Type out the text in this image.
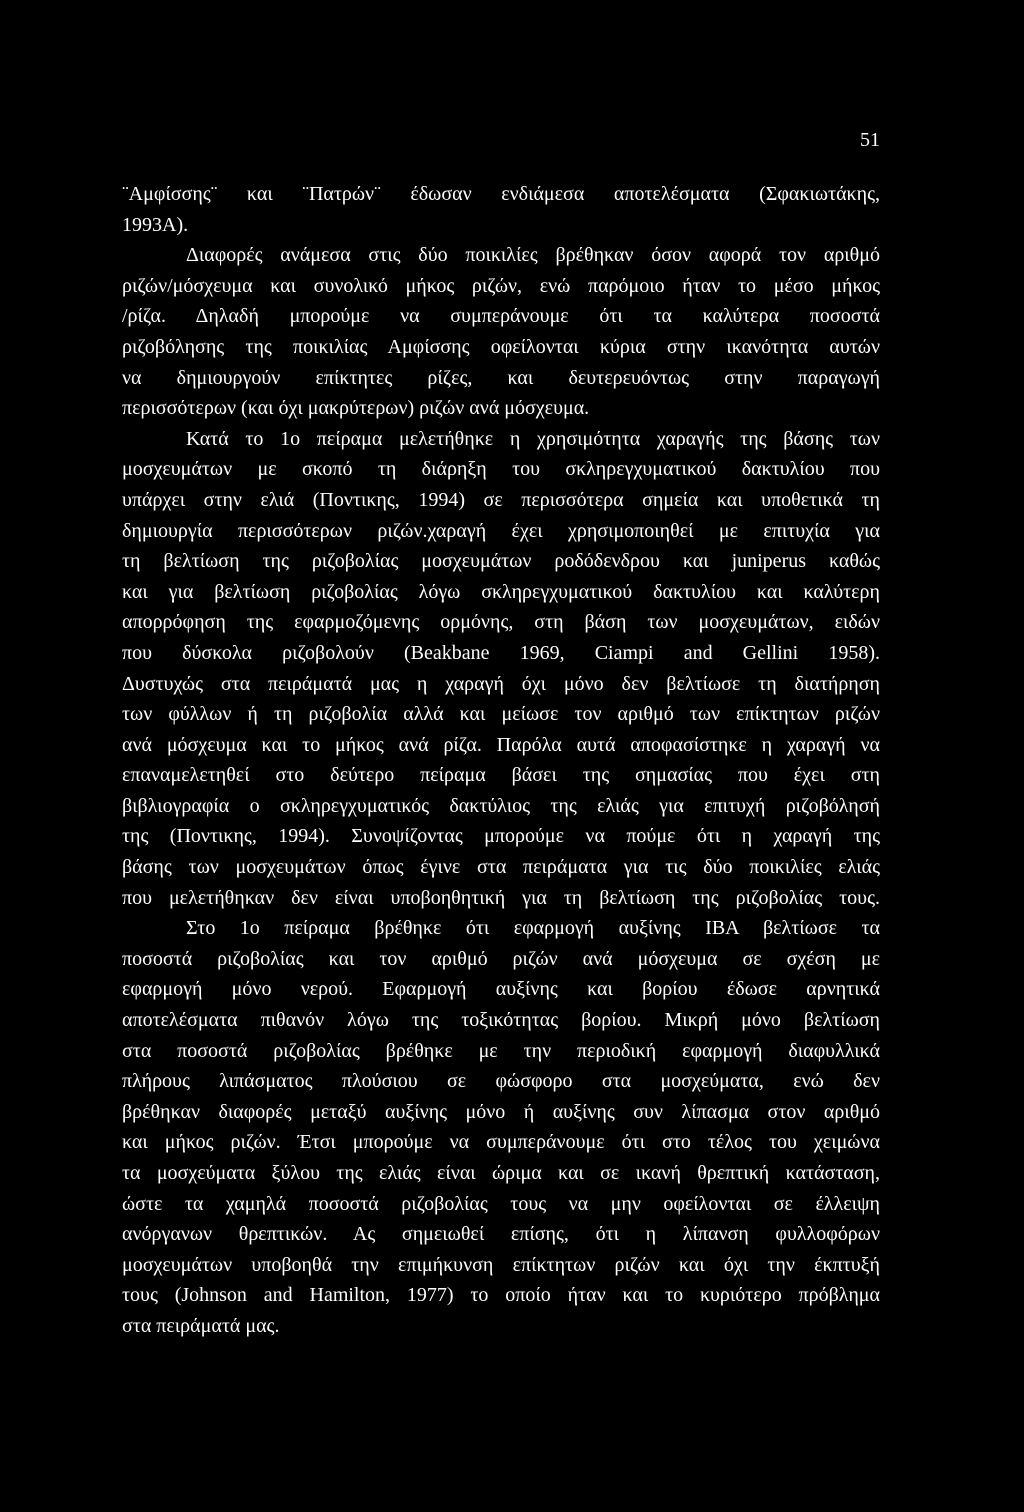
51
¨Αμφίσσης¨ και ¨Πατρών¨ έδωσαν ενδιάμεσα αποτελέσματα (Σφακιωτάκης,
1993Α).
Διαφορές ανάμεσα στις δύο ποικιλίες βρέθηκαν όσον αφορά τον αριθμό
ριζών/μόσχευμα και συνολικό μήκος ριζών, ενώ παρόμοιο ήταν το μέσο μήκος
/ρίζα. Δηλαδή μπορούμε να συμπεράνουμε ότι τα καλύτερα ποσοστά
ριζοβόλησης της ποικιλίας Αμφίσσης οφείλονται κύρια στην ικανότητα αυτών
να δημιουργούν επίκτητες ρίζες, και δευτερευόντως στην παραγωγή
περισσότερων (και όχι μακρύτερων) ριζών ανά μόσχευμα.
Κατά το 1ο πείραμα μελετήθηκε η χρησιμότητα χαραγής της βάσης των
μοσχευμάτων με σκοπό τη διάρηξη του σκληρεγχυματικού δακτυλίου που
υπάρχει στην ελιά (Ποντικης, 1994) σε περισσότερα σημεία και υποθετικά τη
δημιουργία περισσότερων ριζών.χαραγή έχει χρησιμοποιηθεί με επιτυχία για
τη βελτίωση της ριζοβολίας μοσχευμάτων ροδόδενδρου και juniperus καθώς
και για βελτίωση ριζοβολίας λόγω σκληρεγχυματικού δακτυλίου και καλύτερη
απορρόφηση της εφαρμοζόμενης ορμόνης, στη βάση των μοσχευμάτων, ειδών
που δύσκολα ριζοβολούν (Beakbane 1969, Ciampi and Gellini 1958).
Δυστυχώς στα πειράματά μας η χαραγή όχι μόνο δεν βελτίωσε τη διατήρηση
των φύλλων ή τη ριζοβολία αλλά και μείωσε τον αριθμό των επίκτητων ριζών
ανά μόσχευμα και το μήκος ανά ρίζα. Παρόλα αυτά αποφασίστηκε η χαραγή να
επαναμελετηθεί στο δεύτερο πείραμα βάσει της σημασίας που έχει στη
βιβλιογραφία ο σκληρεγχυματικός δακτύλιος της ελιάς για επιτυχή ριζοβόλησή
της (Ποντικης, 1994). Συνοψίζοντας μπορούμε να πούμε ότι η χαραγή της
βάσης των μοσχευμάτων όπως έγινε στα πειράματα για τις δύο ποικιλίες ελιάς
που μελετήθηκαν δεν είναι υποβοηθητική για τη βελτίωση της ριζοβολίας τους.
Στο 1ο πείραμα βρέθηκε ότι εφαρμογή αυξίνης ΙΒΑ βελτίωσε τα
ποσοστά ριζοβολίας και τον αριθμό ριζών ανά μόσχευμα σε σχέση με
εφαρμογή μόνο νερού. Εφαρμογή αυξίνης και βορίου έδωσε αρνητικά
αποτελέσματα πιθανόν λόγω της τοξικότητας βορίου. Μικρή μόνο βελτίωση
στα ποσοστά ριζοβολίας βρέθηκε με την περιοδική εφαρμογή διαφυλλικά
πλήρους λιπάσματος πλούσιου σε φώσφορο στα μοσχεύματα, ενώ δεν
βρέθηκαν διαφορές μεταξύ αυξίνης μόνο ή αυξίνης συν λίπασμα στον αριθμό
και μήκος ριζών. Έτσι μπορούμε να συμπεράνουμε ότι στο τέλος του χειμώνα
τα μοσχεύματα ξύλου της ελιάς είναι ώριμα και σε ικανή θρεπτική κατάσταση,
ώστε τα χαμηλά ποσοστά ριζοβολίας τους να μην οφείλονται σε έλλειψη
ανόργανων θρεπτικών. Ας σημειωθεί επίσης, ότι η λίπανση φυλλοφόρων
μοσχευμάτων υποβοηθά την επιμήκυνση επίκτητων ριζών και όχι την έκπτυξή
τους (Johnson and Hamilton, 1977) το οποίο ήταν και το κυριότερο πρόβλημα
στα πειράματά μας.
